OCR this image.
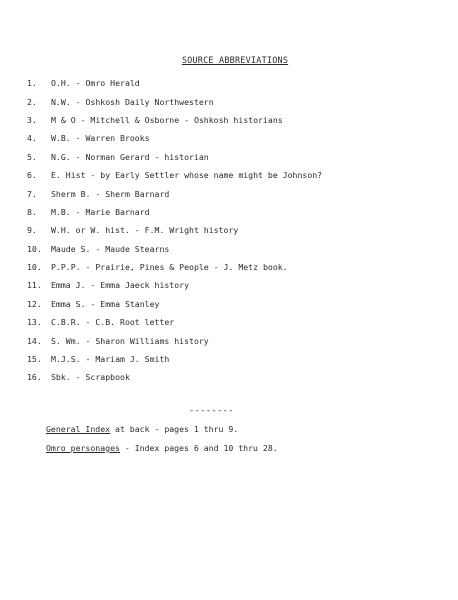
SOURCE ABBREVIATIONS
1.	O.H. - Omro Herald
2.	N.W. - Oshkosh Daily Northwestern
3.	M & O - Mitchell & Osborne - Oshkosh historians
4.	W.B. - Warren Brooks
5.	N.G. - Norman Gerard - historian
6.	E. Hist - by Early Settler whose name might be Johnson?
7.	Sherm B. - Sherm Barnard
8.	M.B. - Marie Barnard
9.	W.H. or W. hist. - F.M. Wright history
10.	Maude S. - Maude Stearns
10.	P.P.P. - Prairie, Pines & People - J. Metz book.
11.	Emma J. - Emma Jaeck history
12.	Emma S. - Emma Stanley
13.	C.B.R. - C.B. Root letter
14.	S. Wm. - Sharon Williams history
15.	M.J.S. - Mariam J. Smith
16.	Sbk. - Scrapbook
--------
General Index at back - pages 1 thru 9.
Omro personages - Index pages 6 and 10 thru 28.
